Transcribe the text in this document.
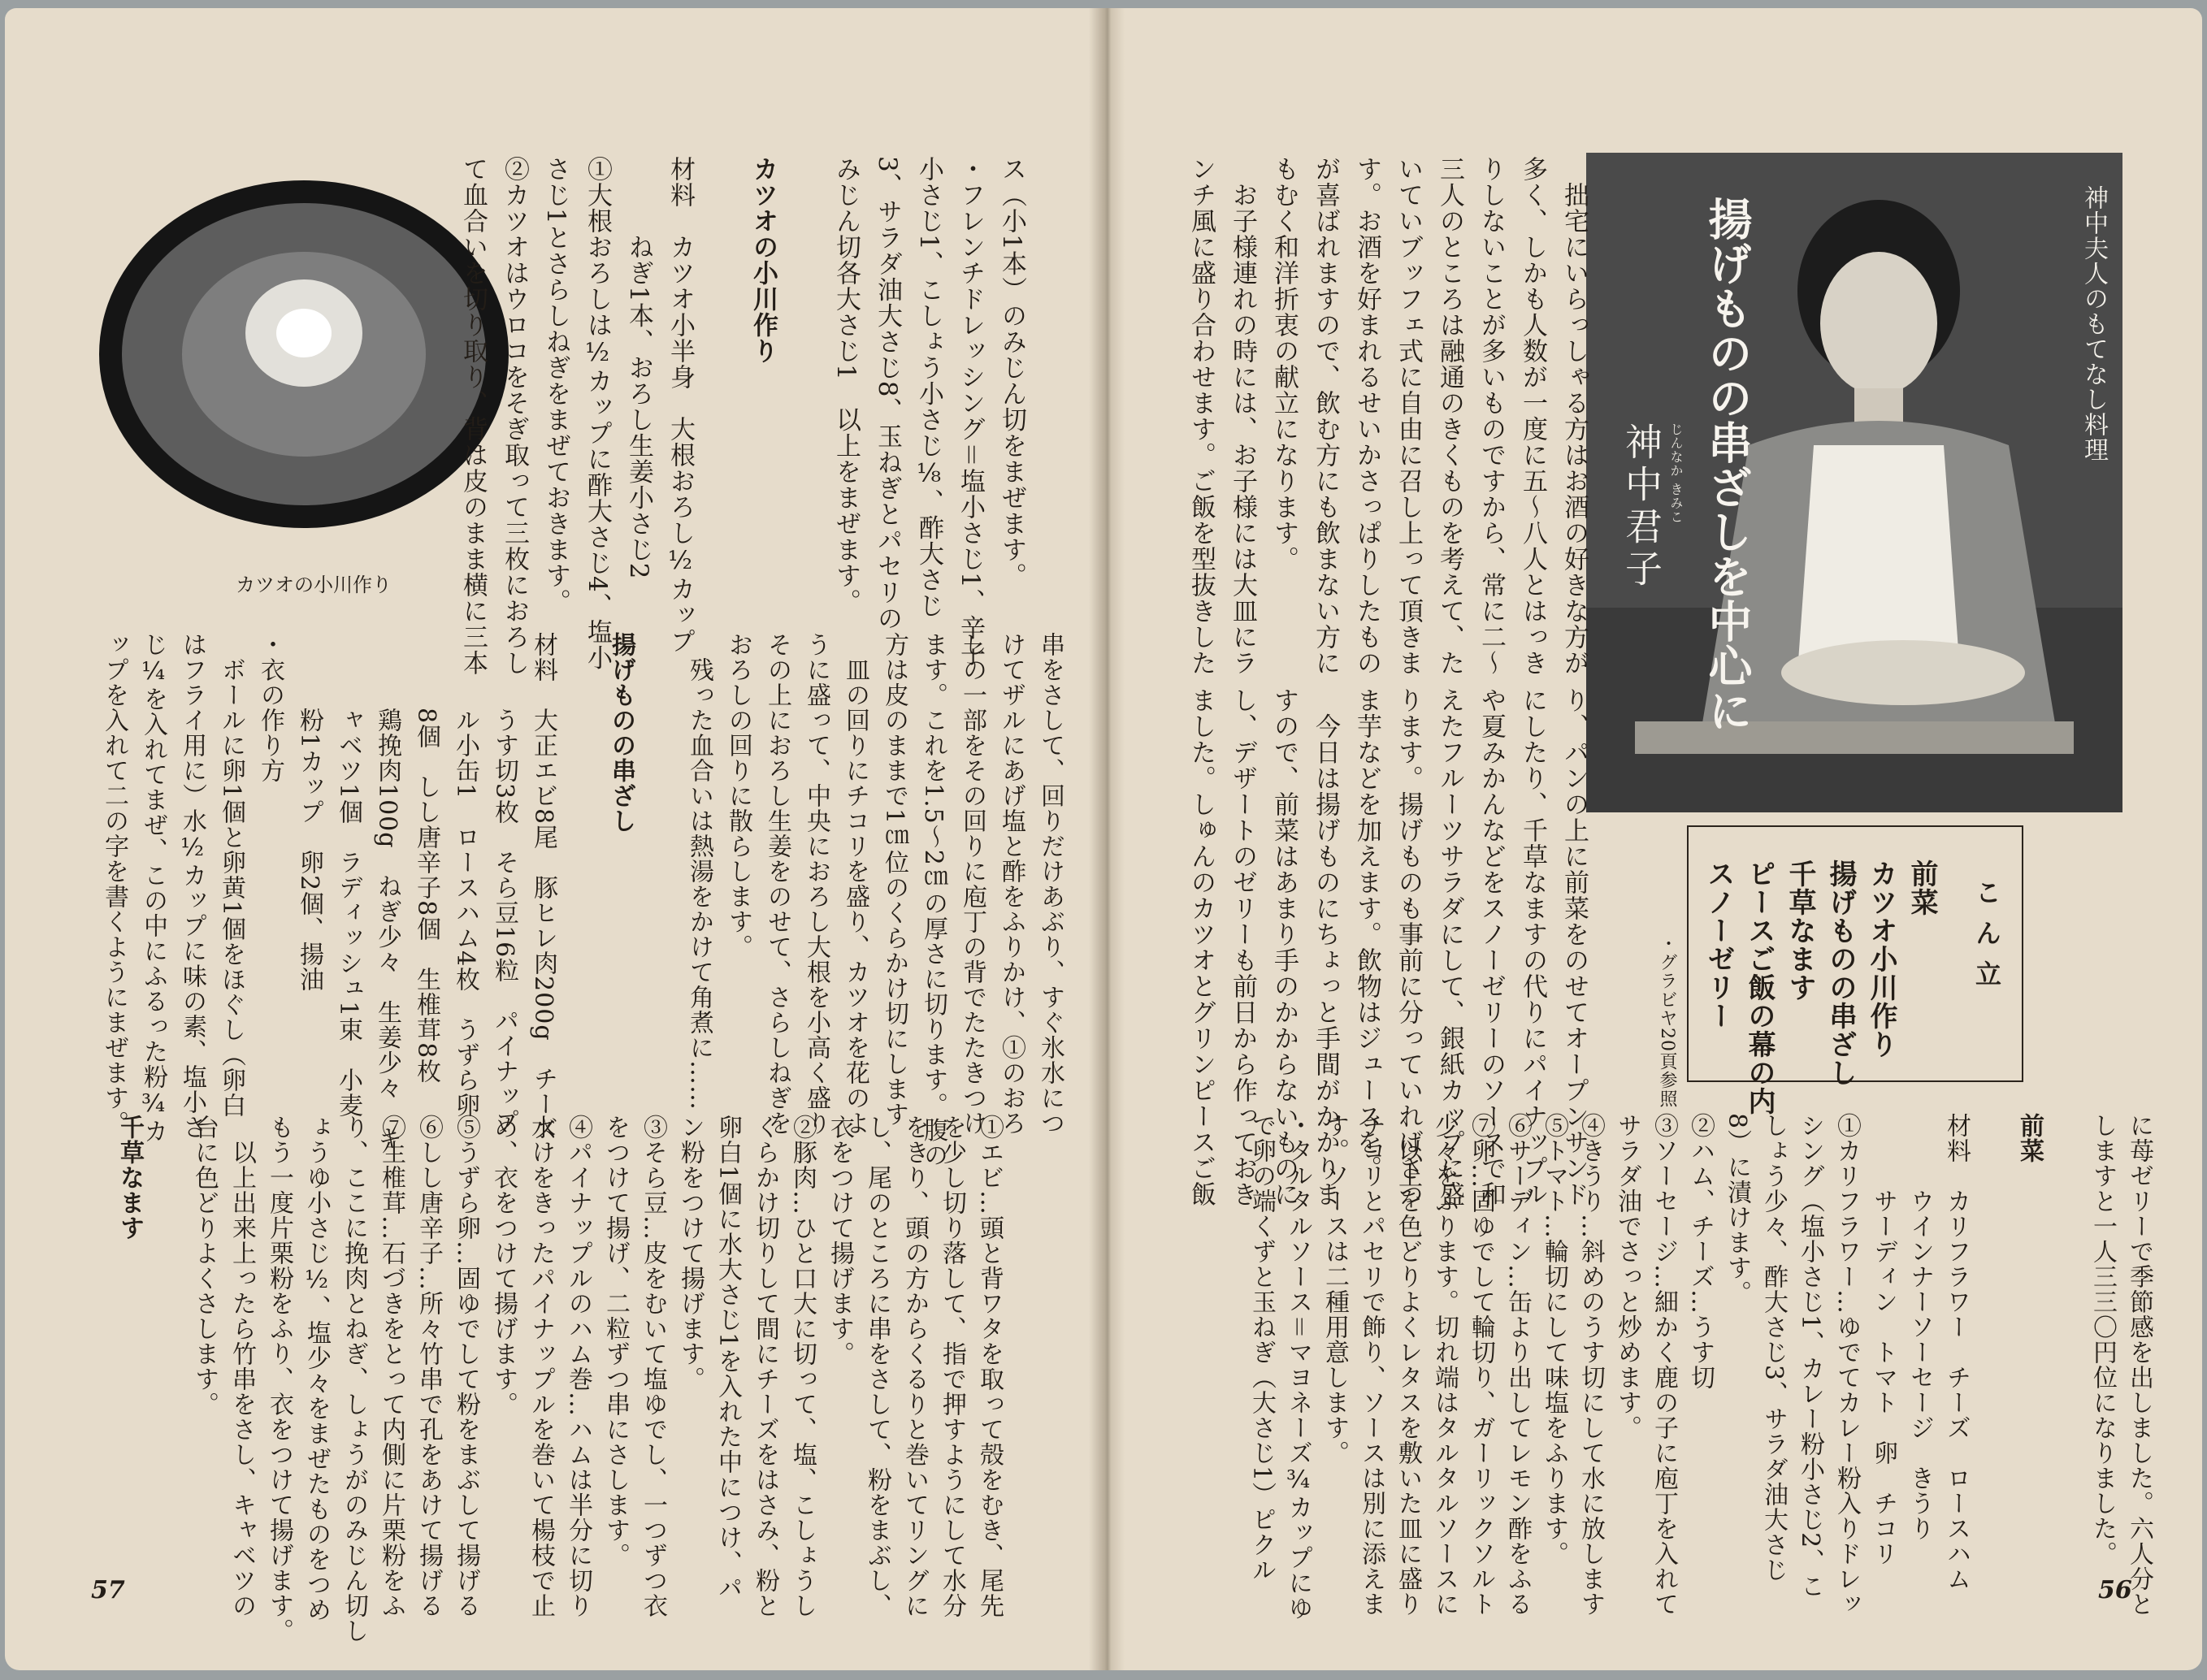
神中夫人のもてなし料理
揚げものの串ざしを中心に
神中君子 じんなか きみこ
こん立
前菜
カツオ小川作り
揚げものの串ざし
千草なます
ピースご飯の幕の内
スノーゼリー
・グラビヤ20頁参照
　拙宅にいらっしゃる方はお酒の好きな方が
多く、しかも人数が一度に五～八人とはっき
りしないことが多いものですから、常に二～
三人のところは融通のきくものを考えて、た
いていブッフェ式に自由に召し上って頂きま
す。お酒を好まれるせいかさっぱりしたもの
が喜ばれますので、飲む方にも飲まない方に
もむく和洋折衷の献立になります。
　お子様連れの時には、お子様には大皿にラ
ンチ風に盛り合わせます。ご飯を型抜きした
り、パンの上に前菜をのせてオープンサンド
にしたり、千草なますの代りにパイナップル
や夏みかんなどをスノーゼリーのソースで和
えたフルーツサラダにして、銀紙カップに盛
ります。揚げものも事前に分っていればさつ
ま芋などを加えます。飲物はジュースを。
　今日は揚げものにちょっと手間がかかりま
すので、前菜はあまり手のかからないものに
し、デザートのゼリーも前日から作っておき
ました。しゅんのカツオとグリンピースご飯
に苺ゼリーで季節感を出しました。六人分と
しますと一人三三〇円位になりました。

前菜

材料　カリフラワー　チーズ　ロースハム
　　　ウインナーソーセージ　きうり
　　　サーディン　トマト　卵　チコリ
①カリフラワー…ゆでてカレー粉入りドレッ
シング（塩小さじ1、カレー粉小さじ2、こ
しょう少々、酢大さじ3、サラダ油大さじ
8）に漬けます。
②ハム、チーズ…うす切
③ソーセージ…細かく鹿の子に庖丁を入れて
サラダ油でさっと炒めます。
④きうり…斜めのうす切にして水に放します
⑤トマト…輪切にして味塩をふります。
⑥サーディン…缶より出してレモン酢をふる
⑦卵…固ゆでして輪切り、ガーリックソルト
少々をふります。切れ端はタルタルソースに
　以上を色どりよくレタスを敷いた皿に盛り
チコリとパセリで飾り、ソースは別に添えま
す。ソースは二種用意します。
・タルタルソース＝マヨネーズ¾カップにゆ
で卵の端くずと玉ねぎ（大さじ1）ピクル
56
カツオの小川作り	ス（小1本）のみじん切をまぜます。
・フレンチドレッシング＝塩小さじ1、辛子
小さじ1、こしょう小さじ⅛、酢大さじ
3、サラダ油大さじ8、玉ねぎとパセリの
みじん切各大さじ1　以上をまぜます。

カツオの小川作り

材料　カツオ小半身　大根おろし½カップ
　　　ねぎ1本、おろし生姜小さじ2
①大根おろしは½カップに酢大さじ4、塩小
さじ1とさらしねぎをまぜておきます。
②カツオはウロコをそぎ取って三枚におろし
て血合いを切り取り、背は皮のまま横に三本
串をさして、回りだけあぶり、すぐ氷水につ
けてザルにあげ塩と酢をふりかけ、①のおろ
しの一部をその回りに庖丁の背でたたきつけ
ます。これを1.5～2㎝の厚さに切ります。腹の
方は皮のままで1㎝位のくらかけ切にします
　皿の回りにチコリを盛り、カツオを花のよ
うに盛って、中央におろし大根を小高く盛り
その上におろし生姜をのせて、さらしねぎを
おろしの回りに散らします。
　残った血合いは熱湯をかけて角煮に……

揚げものの串ざし

材料　大正エビ8尾　豚ヒレ肉200g　チーズ
　　　うす切3枚　そら豆16粒　パイナップ
　　　ル小缶1　ロースハム4枚　うずら卵
　　　8個　しし唐辛子8個　生椎茸8枚
　　　鶏挽肉100g　ねぎ少々　生姜少々　キ
　　　ャベツ1個　ラディッシュ1束　小麦
　　　粉1カップ　卵2個、揚油
・衣の作り方
　ボールに卵1個と卵黄1個をほぐし（卵白
はフライ用に）水½カップに味の素、塩小さ
じ¼を入れてまぜ、この中にふるった粉¾カ
ップを入れて二の字を書くようにまぜます。
①エビ…頭と背ワタを取って殻をむき、尾先
を少し切り落して、指で押すようにして水分
をきり、頭の方からくるりと巻いてリングに
し、尾のところに串をさして、粉をまぶし、
衣をつけて揚げます。
②豚肉…ひと口大に切って、塩、こしょうし
くらかけ切りして間にチーズをはさみ、粉と
卵白1個に水大さじ1を入れた中につけ、パ
ン粉をつけて揚げます。
③そら豆…皮をむいて塩ゆでし、一つずつ衣
をつけて揚げ、二粒ずつ串にさします。
④パイナップルのハム巻…ハムは半分に切り
水けをきったパイナップルを巻いて楊枝で止
め、衣をつけて揚げます。
⑤うずら卵…固ゆでして粉をまぶして揚げる
⑥しし唐辛子…所々竹串で孔をあけて揚げる
⑦生椎茸…石づきをとって内側に片栗粉をふ
り、ここに挽肉とねぎ、しょうがのみじん切し
ょうゆ小さじ½、塩少々をまぜたものをつめ
もう一度片栗粉をふり、衣をつけて揚げます。
　以上出来上ったら竹串をさし、キャベツの
台に色どりよくさします。

千草なます
57
